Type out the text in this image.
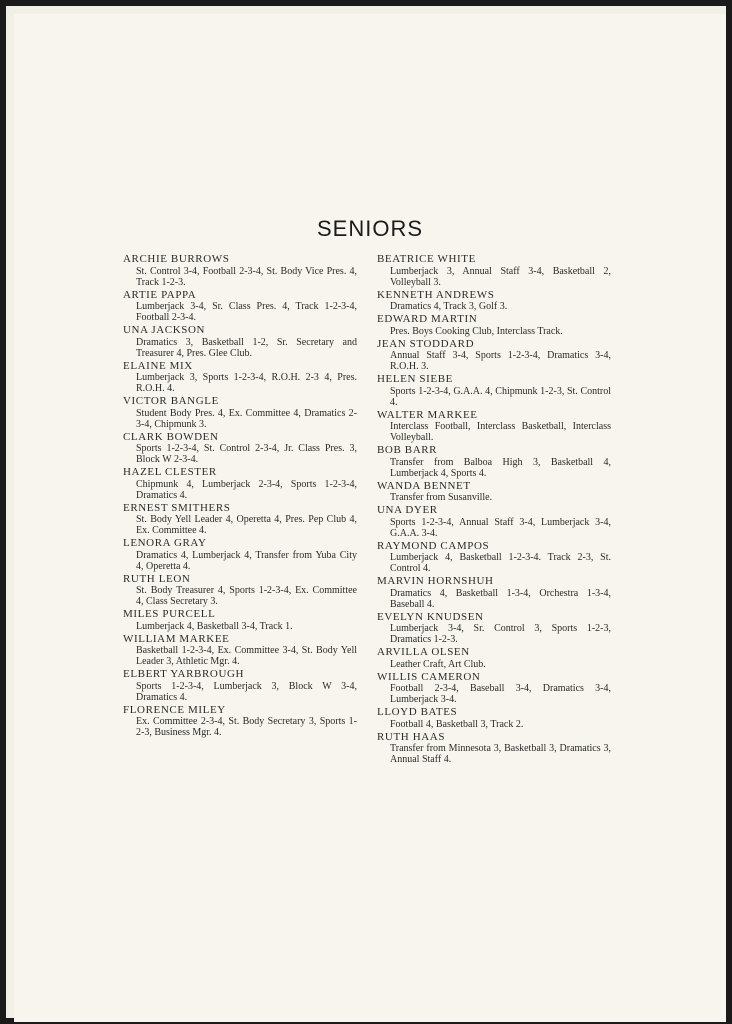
SENIORS
ARCHIE BURROWS
St. Control 3-4, Football 2-3-4, St. Body Vice Pres. 4, Track 1-2-3.
ARTIE PAPPA
Lumberjack 3-4, Sr. Class Pres. 4, Track 1-2-3-4, Football 2-3-4.
UNA JACKSON
Dramatics 3, Basketball 1-2, Sr. Secretary and Treasurer 4, Pres. Glee Club.
ELAINE MIX
Lumberjack 3, Sports 1-2-3-4, R.O.H. 2-3 4, Pres. R.O.H. 4.
VICTOR BANGLE
Student Body Pres. 4, Ex. Committee 4, Dramatics 2-3-4, Chipmunk 3.
CLARK BOWDEN
Sports 1-2-3-4, St. Control 2-3-4, Jr. Class Pres. 3, Block W 2-3-4.
HAZEL CLESTER
Chipmunk 4, Lumberjack 2-3-4, Sports 1-2-3-4, Dramatics 4.
ERNEST SMITHERS
St. Body Yell Leader 4, Operetta 4, Pres. Pep Club 4, Ex. Committee 4.
LENORA GRAY
Dramatics 4, Lumberjack 4, Transfer from Yuba City 4, Operetta 4.
RUTH LEON
St. Body Treasurer 4, Sports 1-2-3-4, Ex. Committee 4, Class Secretary 3.
MILES PURCELL
Lumberjack 4, Basketball 3-4, Track 1.
WILLIAM MARKEE
Basketball 1-2-3-4, Ex. Committee 3-4, St. Body Yell Leader 3, Athletic Mgr. 4.
ELBERT YARBROUGH
Sports 1-2-3-4, Lumberjack 3, Block W 3-4, Dramatics 4.
FLORENCE MILEY
Ex. Committee 2-3-4, St. Body Secretary 3, Sports 1-2-3, Business Mgr. 4.
BEATRICE WHITE
Lumberjack 3, Annual Staff 3-4, Basketball 2, Volleyball 3.
KENNETH ANDREWS
Dramatics 4, Track 3, Golf 3.
EDWARD MARTIN
Pres. Boys Cooking Club, Interclass Track.
JEAN STODDARD
Annual Staff 3-4, Sports 1-2-3-4, Dramatics 3-4, R.O.H. 3.
HELEN SIEBE
Sports 1-2-3-4, G.A.A. 4, Chipmunk 1-2-3, St. Control 4.
WALTER MARKEE
Interclass Football, Interclass Basketball, Interclass Volleyball.
BOB BARR
Transfer from Balboa High 3, Basketball 4, Lumberjack 4, Sports 4.
WANDA BENNET
Transfer from Susanville.
UNA DYER
Sports 1-2-3-4, Annual Staff 3-4, Lumberjack 3-4, G.A.A. 3-4.
RAYMOND CAMPOS
Lumberjack 4, Basketball 1-2-3-4. Track 2-3, St. Control 4.
MARVIN HORNSHUH
Dramatics 4, Basketball 1-3-4, Orchestra 1-3-4, Baseball 4.
EVELYN KNUDSEN
Lumberjack 3-4, Sr. Control 3, Sports 1-2-3, Dramatics 1-2-3.
ARVILLA OLSEN
Leather Craft, Art Club.
WILLIS CAMERON
Football 2-3-4, Baseball 3-4, Dramatics 3-4, Lumberjack 3-4.
LLOYD BATES
Football 4, Basketball 3, Track 2.
RUTH HAAS
Transfer from Minnesota 3, Basketball 3, Dramatics 3, Annual Staff 4.
